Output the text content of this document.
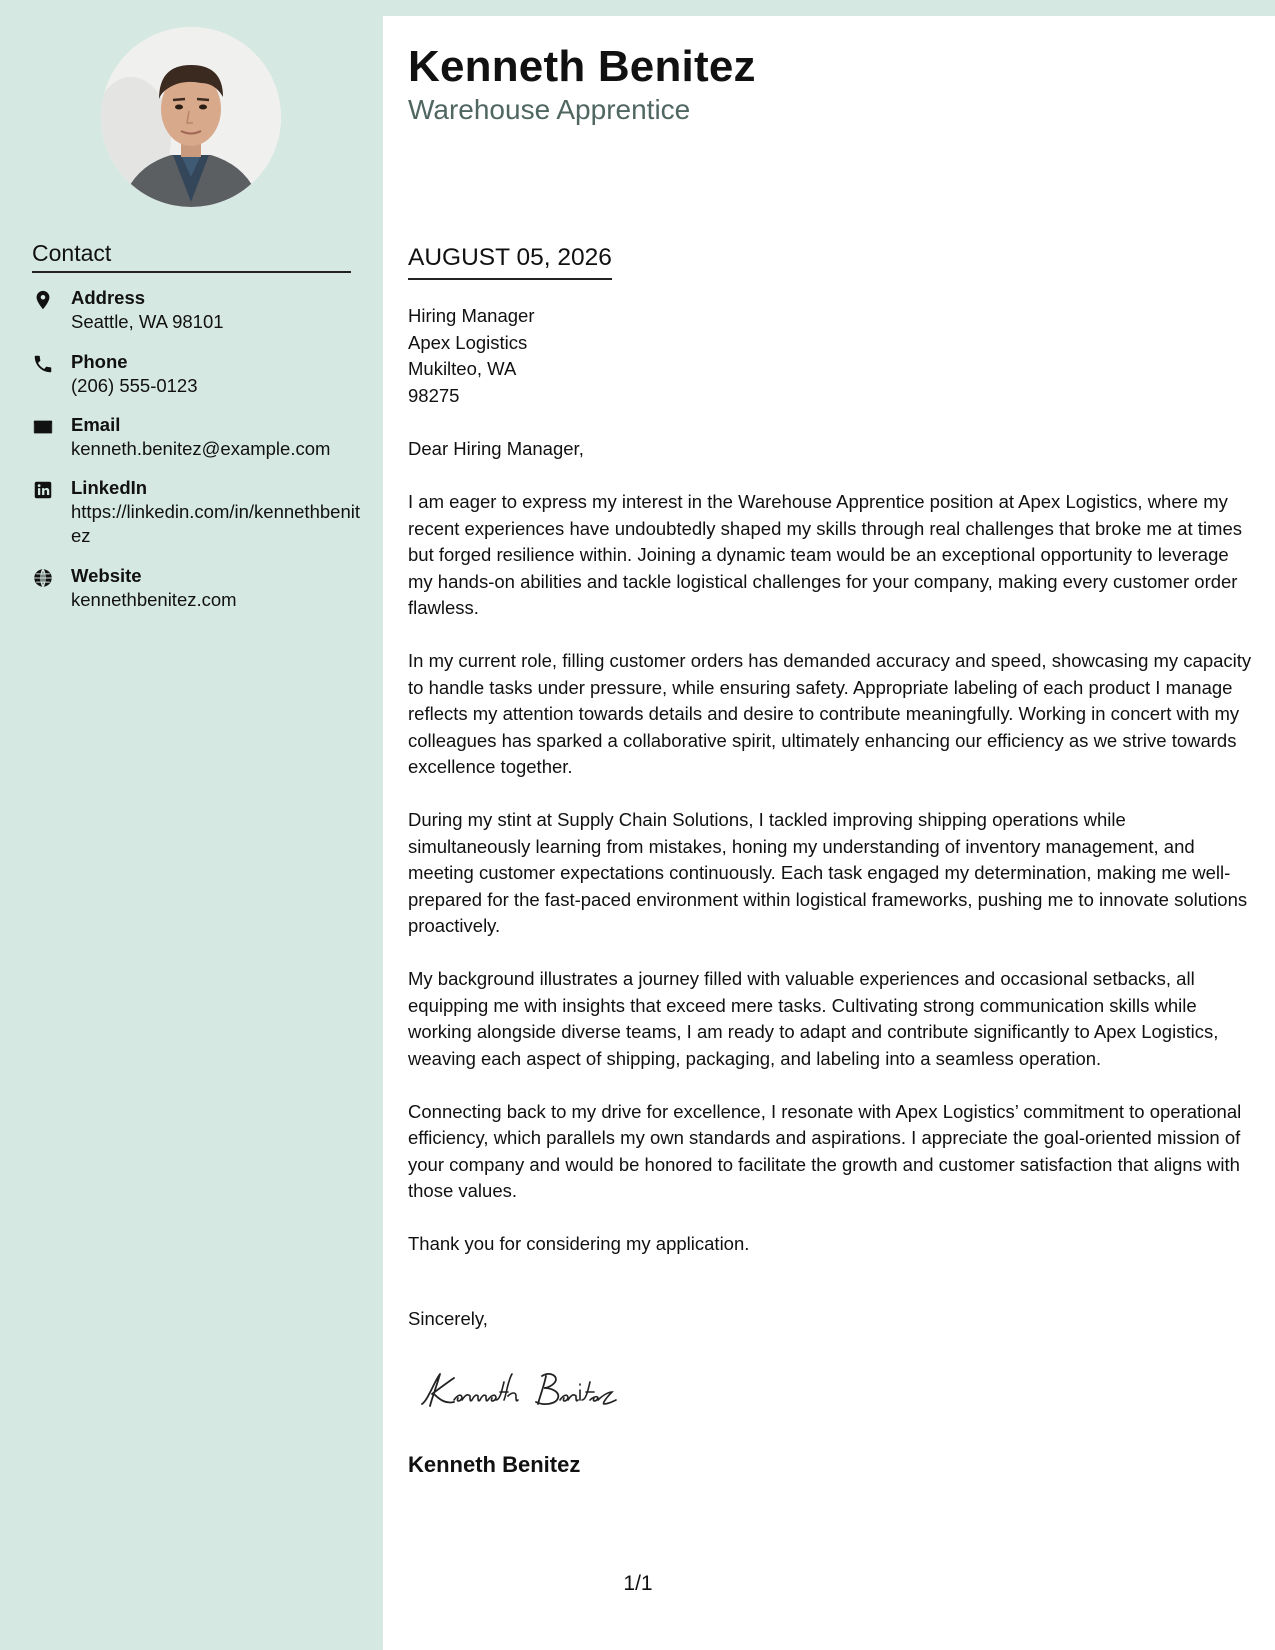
Contact
Address
Seattle, WA 98101
Phone
(206) 555-0123
Email
kenneth.benitez@example.com
LinkedIn
https://linkedin.com/in/kennethbenitez
Website
kennethbenitez.com
Kenneth Benitez
Warehouse Apprentice
AUGUST 05, 2026
Hiring Manager
Apex Logistics
Mukilteo, WA
98275

Dear Hiring Manager,

I am eager to express my interest in the Warehouse Apprentice position at Apex Logistics, where my recent experiences have undoubtedly shaped my skills through real challenges that broke me at times but forged resilience within. Joining a dynamic team would be an exceptional opportunity to leverage my hands-on abilities and tackle logistical challenges for your company, making every customer order flawless.

In my current role, filling customer orders has demanded accuracy and speed, showcasing my capacity to handle tasks under pressure, while ensuring safety. Appropriate labeling of each product I manage reflects my attention towards details and desire to contribute meaningfully. Working in concert with my colleagues has sparked a collaborative spirit, ultimately enhancing our efficiency as we strive towards excellence together.

During my stint at Supply Chain Solutions, I tackled improving shipping operations while simultaneously learning from mistakes, honing my understanding of inventory management, and meeting customer expectations continuously. Each task engaged my determination, making me well-prepared for the fast-paced environment within logistical frameworks, pushing me to innovate solutions proactively.

My background illustrates a journey filled with valuable experiences and occasional setbacks, all equipping me with insights that exceed mere tasks. Cultivating strong communication skills while working alongside diverse teams, I am ready to adapt and contribute significantly to Apex Logistics, weaving each aspect of shipping, packaging, and labeling into a seamless operation.

Connecting back to my drive for excellence, I resonate with Apex Logistics’ commitment to operational efficiency, which parallels my own standards and aspirations. I appreciate the goal-oriented mission of your company and would be honored to facilitate the growth and customer satisfaction that aligns with those values.

Thank you for considering my application.

Sincerely,
Kenneth Benitez
1/1
